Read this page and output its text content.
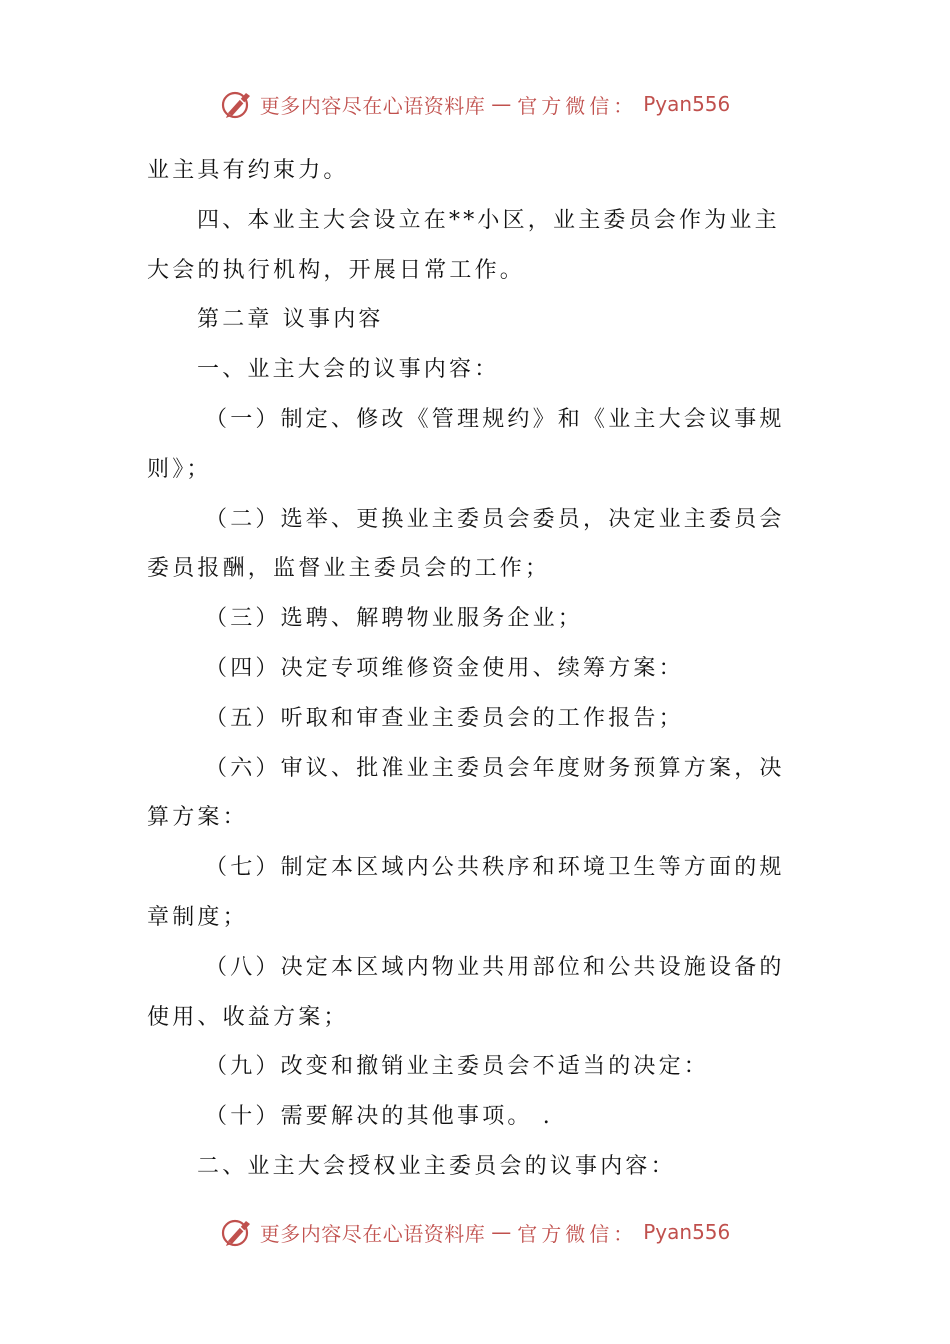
更多内容尽在心语资料库 — 官方微信： Pyan556
业主具有约束力。
四、本业主大会设立在**小区，业主委员会作为业主
大会的执行机构，开展日常工作。
第二章 议事内容
一、业主大会的议事内容：
（一）制定、修改《管理规约》和《业主大会议事规
则》；
（二）选举、更换业主委员会委员，决定业主委员会
委员报酬，监督业主委员会的工作；
（三）选聘、解聘物业服务企业；
（四）决定专项维修资金使用、续筹方案：
（五）听取和审查业主委员会的工作报告；
（六）审议、批准业主委员会年度财务预算方案，决
算方案：
（七）制定本区域内公共秩序和环境卫生等方面的规
章制度；
（八）决定本区域内物业共用部位和公共设施设备的
使用、收益方案；
（九）改变和撤销业主委员会不适当的决定：
（十）需要解决的其他事项。 .
二、业主大会授权业主委员会的议事内容：
更多内容尽在心语资料库 — 官方微信： Pyan556
